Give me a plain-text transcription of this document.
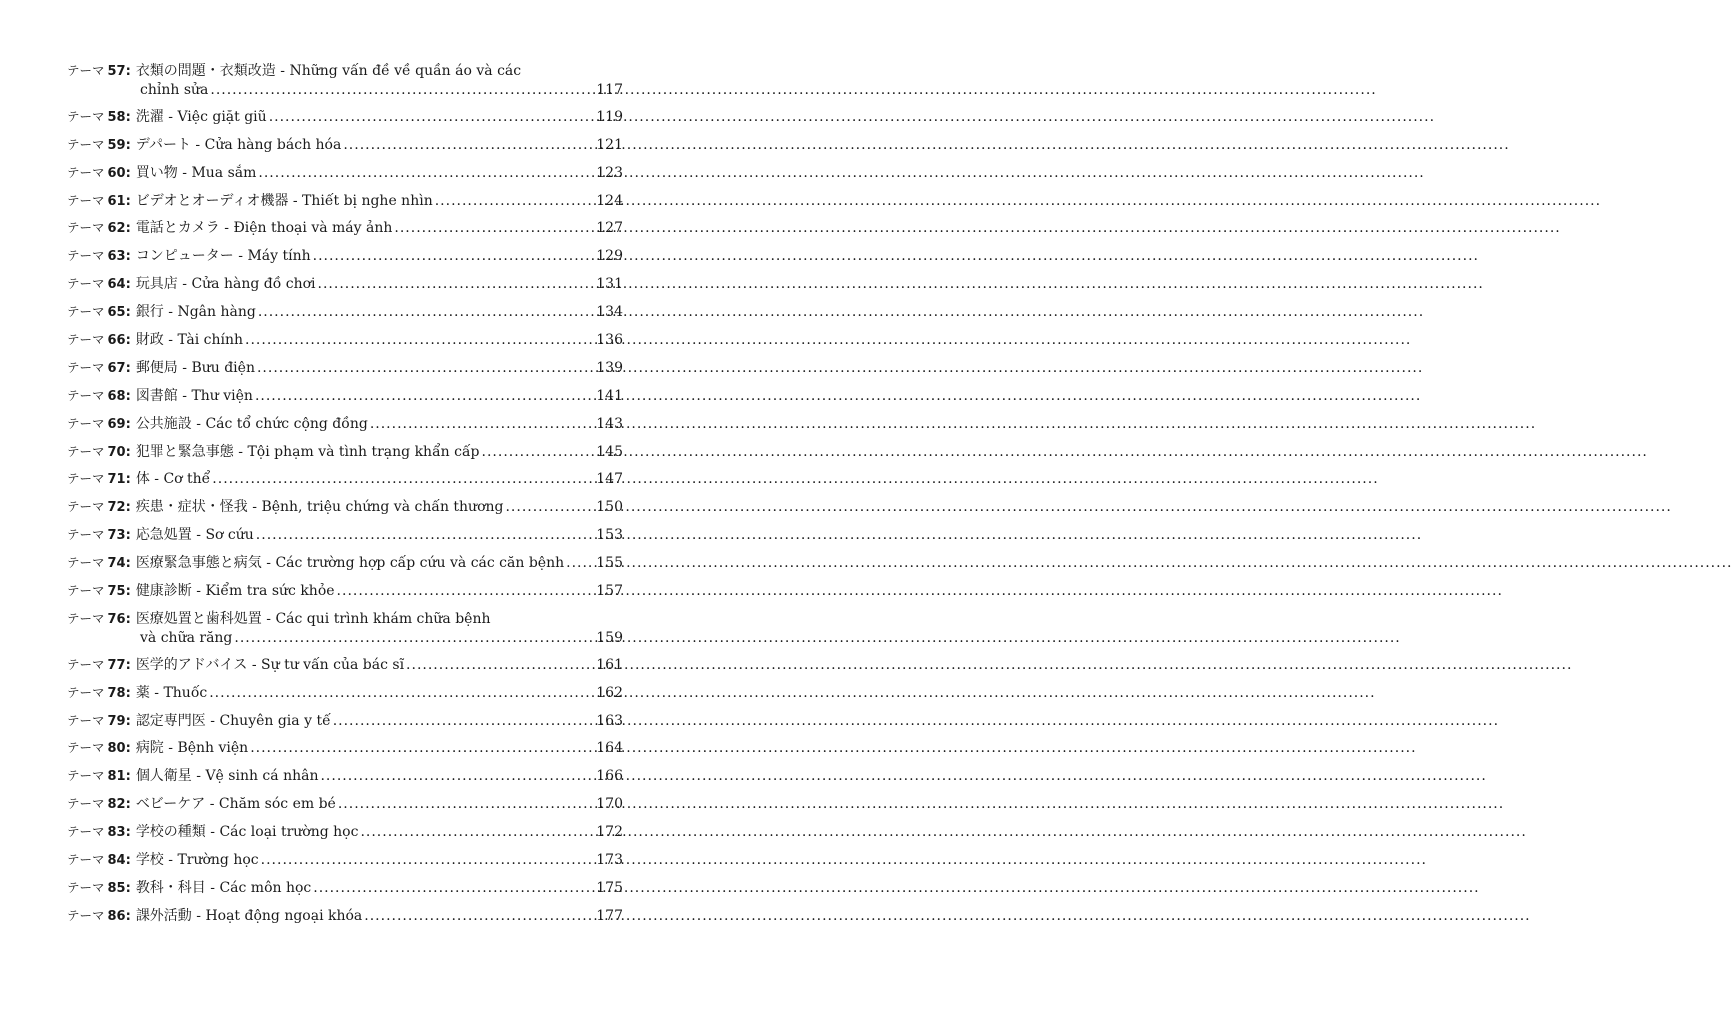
テーマ 57: 衣類の問題・衣類改造 - Những vấn đề về quần áo và các
chỉnh sửa .....	117
テーマ 58: 洗濯 - Việc giặt giũ .....	119
テーマ 59: デパート - Cửa hàng bách hóa .....	121
テーマ 60: 買い物 - Mua sắm .....	123
テーマ 61: ビデオとオーディオ機器 - Thiết bị nghe nhìn .....	124
テーマ 62: 電話とカメラ - Điện thoại và máy ảnh .....	127
テーマ 63: コンピューター - Máy tính .....	129
テーマ 64: 玩具店 - Cửa hàng đồ chơi .....	131
テーマ 65: 銀行 - Ngân hàng .....	134
テーマ 66: 財政 - Tài chính .....	136
テーマ 67: 郵便局 - Bưu điện .....	139
テーマ 68: 図書館 - Thư viện .....	141
テーマ 69: 公共施設 - Các tổ chức cộng đồng .....	143
テーマ 70: 犯罪と緊急事態 - Tội phạm và tình trạng khẩn cấp .....	145
テーマ 71: 体 - Cơ thể .....	147
テーマ 72: 疾患・症状・怪我 - Bệnh, triệu chứng và chấn thương .....	150
テーマ 73: 応急処置 - Sơ cứu .....	153
テーマ 74: 医療緊急事態と病気 - Các trường hợp cấp cứu và các căn bệnh ..... 155
テーマ 75: 健康診断 - Kiểm tra sức khỏe .....	157
テーマ 76: 医療処置と歯科処置 - Các qui trình khám chữa bệnh
và chữa răng .....	159
テーマ 77: 医学的アドバイス - Sự tư vấn của bác sĩ .....	161
テーマ 78: 薬 - Thuốc .....	162
テーマ 79: 認定専門医 - Chuyên gia y tế .....	163
テーマ 80: 病院 - Bệnh viện .....	164
テーマ 81: 個人衛星 - Vệ sinh cá nhân .....	166
テーマ 82: ベビーケア - Chăm sóc em bé .....	170
テーマ 83: 学校の種類 - Các loại trường học .....	172
テーマ 84: 学校 - Trường học .....	173
テーマ 85: 教科・科目 - Các môn học .....	175
テーマ 86: 課外活動 - Hoạt động ngoại khóa .....	177
